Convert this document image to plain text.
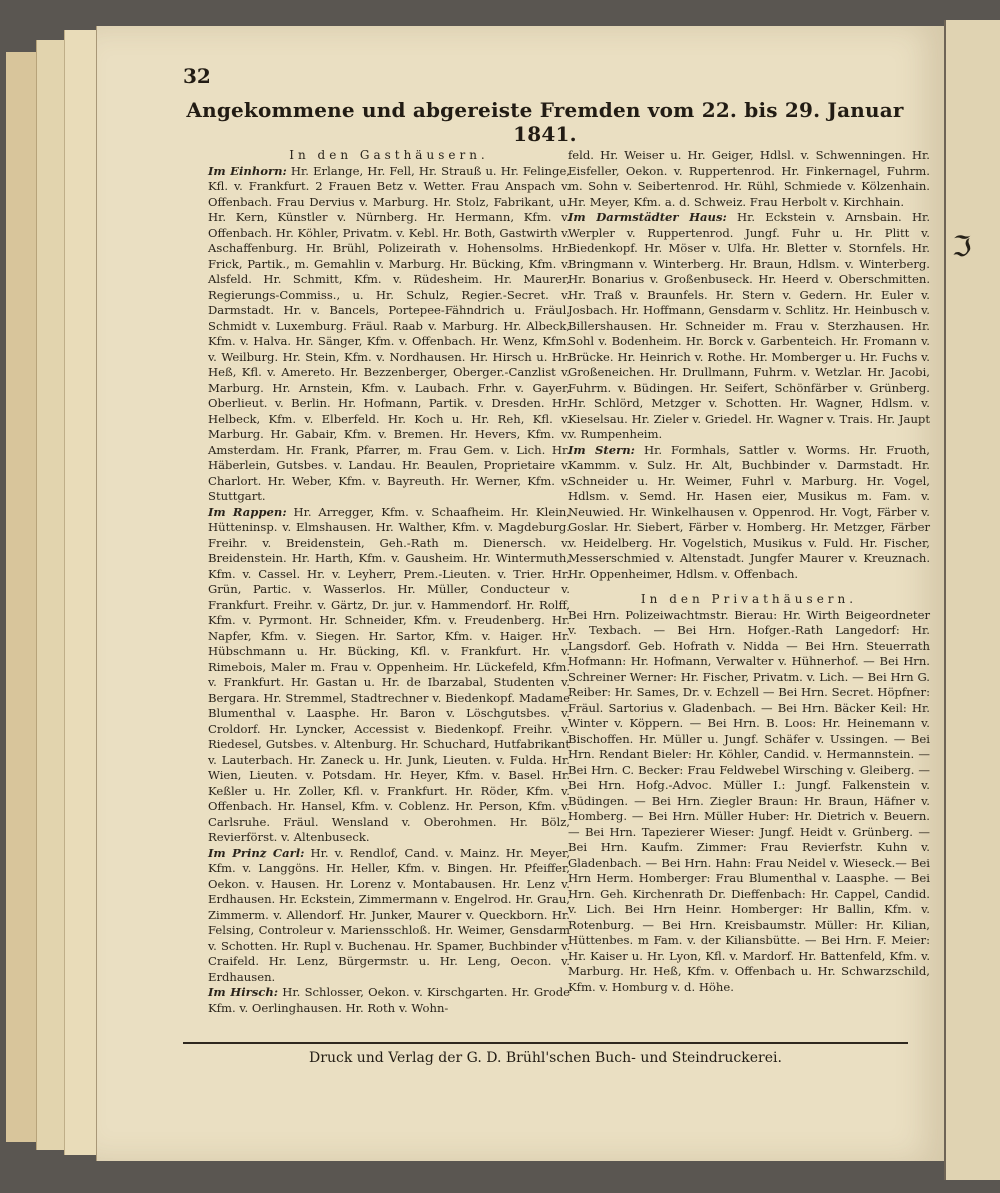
ℑ
32
Angekommene und abgereiste Fremden vom 22. bis 29. Januar 1841.

In den Gasthäusern.

Im Einhorn: Hr. Erlange, Hr. Fell, Hr. Strauß u. Hr. Felinge, Kfl. v. Frankfurt. 2 Frauen Betz v. Wetter. Frau Anspach v. Offenbach. Frau Dervius v. Marburg. Hr. Stolz, Fabrikant, u. Hr. Kern, Künstler v. Nürnberg. Hr. Hermann, Kfm. v. Offenbach. Hr. Köhler, Privatm. v. Kebl. Hr. Both, Gastwirth v. Aschaffenburg. Hr. Brühl, Polizeirath v. Hohensolms. Hr. Frick, Partik., m. Gemahlin v. Marburg. Hr. Bücking, Kfm. v. Alsfeld. Hr. Schmitt, Kfm. v. Rüdesheim. Hr. Maurer, Regierungs-Commiss., u. Hr. Schulz, Regier.-Secret. v. Darmstadt. Hr. v. Bancels, Portepee-Fähndrich u. Fräul. Schmidt v. Luxemburg. Fräul. Raab v. Marburg. Hr. Albeck, Kfm. v. Halva. Hr. Sänger, Kfm. v. Offenbach. Hr. Wenz, Kfm. v. Weilburg. Hr. Stein, Kfm. v. Nordhausen. Hr. Hirsch u. Hr. Heß, Kfl. v. Amereto. Hr. Bezzenberger, Oberger.-Canzlist v. Marburg. Hr. Arnstein, Kfm. v. Laubach. Frhr. v. Gayer, Oberlieut. v. Berlin. Hr. Hofmann, Partik. v. Dresden. Hr. Helbeck, Kfm. v. Elberfeld. Hr. Koch u. Hr. Reh, Kfl. v. Marburg. Hr. Gabair, Kfm. v. Bremen. Hr. Hevers, Kfm. v. Amsterdam. Hr. Frank, Pfarrer, m. Frau Gem. v. Lich. Hr. Häberlein, Gutsbes. v. Landau. Hr. Beaulen, Proprietaire v. Charlort. Hr. Weber, Kfm. v. Bayreuth. Hr. Werner, Kfm. v. Stuttgart.

Im Rappen: Hr. Arregger, Kfm. v. Schaafheim. Hr. Klein, Hütteninsp. v. Elmshausen. Hr. Walther, Kfm. v. Magdeburg. Freihr. v. Breidenstein, Geh.-Rath m. Dienersch. v. Breidenstein. Hr. Harth, Kfm. v. Gausheim. Hr. Wintermuth, Kfm. v. Cassel. Hr. v. Leyherr, Prem.-Lieuten. v. Trier. Hr. Grün, Partic. v. Wasserlos. Hr. Müller, Conducteur v. Frankfurt. Freihr. v. Gärtz, Dr. jur. v. Hammendorf. Hr. Rolff, Kfm. v. Pyrmont. Hr. Schneider, Kfm. v. Freudenberg. Hr. Napfer, Kfm. v. Siegen. Hr. Sartor, Kfm. v. Haiger. Hr. Hübschmann u. Hr. Bücking, Kfl. v. Frankfurt. Hr. v. Rimebois, Maler m. Frau v. Oppenheim. Hr. Lückefeld, Kfm. v. Frankfurt. Hr. Gastan u. Hr. de Ibarzabal, Studenten v. Bergara. Hr. Stremmel, Stadtrechner v. Biedenkopf. Madame Blumenthal v. Laasphe. Hr. Baron v. Löschgutsbes. v. Croldorf. Hr. Lyncker, Accessist v. Biedenkopf. Freihr. v. Riedesel, Gutsbes. v. Altenburg. Hr. Schuchard, Hutfabrikant v. Lauterbach. Hr. Zaneck u. Hr. Junk, Lieuten. v. Fulda. Hr. Wien, Lieuten. v. Potsdam. Hr. Heyer, Kfm. v. Basel. Hr. Keßler u. Hr. Zoller, Kfl. v. Frankfurt. Hr. Röder, Kfm. v. Offenbach. Hr. Hansel, Kfm. v. Coblenz. Hr. Person, Kfm. v. Carlsruhe. Fräul. Wensland v. Oberohmen. Hr. Bölz, Revierförst. v. Altenbuseck.

Im Prinz Carl: Hr. v. Rendlof, Cand. v. Mainz. Hr. Meyer, Kfm. v. Langgöns. Hr. Heller, Kfm. v. Bingen. Hr. Pfeiffer, Oekon. v. Hausen. Hr. Lorenz v. Montabausen. Hr. Lenz v. Erdhausen. Hr. Eckstein, Zimmermann v. Engelrod. Hr. Grau, Zimmerm. v. Allendorf. Hr. Junker, Maurer v. Queckborn. Hr. Felsing, Controleur v. Mariensschloß. Hr. Weimer, Gensdarm v. Schotten. Hr. Rupl v. Buchenau. Hr. Spamer, Buchbinder v. Craifeld. Hr. Lenz, Bürgermstr. u. Hr. Leng, Oecon. v. Erdhausen.

Im Hirsch: Hr. Schlosser, Oekon. v. Kirschgarten. Hr. Grode Kfm. v. Oerlinghausen. Hr. Roth v. Wohn-

feld. Hr. Weiser u. Hr. Geiger, Hdlsl. v. Schwenningen. Hr. Eisfeller, Oekon. v. Ruppertenrod. Hr. Finkernagel, Fuhrm. m. Sohn v. Seibertenrod. Hr. Rühl, Schmiede v. Kölzenhain. Hr. Meyer, Kfm. a. d. Schweiz. Frau Herbolt v. Kirchhain.

Im Darmstädter Haus: Hr. Eckstein v. Arnsbain. Hr. Werpler v. Ruppertenrod. Jungf. Fuhr u. Hr. Plitt v. Biedenkopf. Hr. Möser v. Ulfa. Hr. Bletter v. Stornfels. Hr. Bringmann v. Winterberg. Hr. Braun, Hdlsm. v. Winterberg. Hr. Bonarius v. Großenbuseck. Hr. Heerd v. Oberschmitten. Hr. Traß v. Braunfels. Hr. Stern v. Gedern. Hr. Euler v. Josbach. Hr. Hoffmann, Gensdarm v. Schlitz. Hr. Heinbusch v. Billershausen. Hr. Schneider m. Frau v. Sterzhausen. Hr. Sohl v. Bodenheim. Hr. Borck v. Garbenteich. Hr. Fromann v. Brücke. Hr. Heinrich v. Rothe. Hr. Momberger u. Hr. Fuchs v. Großeneichen. Hr. Drullmann, Fuhrm. v. Wetzlar. Hr. Jacobi, Fuhrm. v. Büdingen. Hr. Seifert, Schönfärber v. Grünberg. Hr. Schlörd, Metzger v. Schotten. Hr. Wagner, Hdlsm. v. Kieselsau. Hr. Zieler v. Griedel. Hr. Wagner v. Trais. Hr. Jaupt v. Rumpenheim.

Im Stern: Hr. Formhals, Sattler v. Worms. Hr. Fruoth, Kammm. v. Sulz. Hr. Alt, Buchbinder v. Darmstadt. Hr. Schneider u. Hr. Weimer, Fuhrl v. Marburg. Hr. Vogel, Hdlsm. v. Semd. Hr. Hasen eier, Musikus m. Fam. v. Neuwied. Hr. Winkelhausen v. Oppenrod. Hr. Vogt, Färber v. Goslar. Hr. Siebert, Färber v. Homberg. Hr. Metzger, Färber v. Heidelberg. Hr. Vogelstich, Musikus v. Fuld. Hr. Fischer, Messerschmied v. Altenstadt. Jungfer Maurer v. Kreuznach. Hr. Oppenheimer, Hdlsm. v. Offenbach.

In den Privathäusern.

Bei Hrn. Polizeiwachtmstr. Bierau: Hr. Wirth Beigeordneter v. Texbach. — Bei Hrn. Hofger.-Rath Langedorf: Hr. Langsdorf. Geb. Hofrath v. Nidda — Bei Hrn. Steuerrath Hofmann: Hr. Hofmann, Verwalter v. Hühnerhof. — Bei Hrn. Schreiner Werner: Hr. Fischer, Privatm. v. Lich. — Bei Hrn G. Reiber: Hr. Sames, Dr. v. Echzell — Bei Hrn. Secret. Höpfner: Fräul. Sartorius v. Gladenbach. — Bei Hrn. Bäcker Keil: Hr. Winter v. Köppern. — Bei Hrn. B. Loos: Hr. Heinemann v. Bischoffen. Hr. Müller u. Jungf. Schäfer v. Ussingen. — Bei Hrn. Rendant Bieler: Hr. Köhler, Candid. v. Hermannstein. — Bei Hrn. C. Becker: Frau Feldwebel Wirsching v. Gleiberg. — Bei Hrn. Hofg.-Advoc. Müller I.: Jungf. Falkenstein v. Büdingen. — Bei Hrn. Ziegler Braun: Hr. Braun, Häfner v. Homberg. — Bei Hrn. Müller Huber: Hr. Dietrich v. Beuern. — Bei Hrn. Tapezierer Wieser: Jungf. Heidt v. Grünberg. — Bei Hrn. Kaufm. Zimmer: Frau Revierfstr. Kuhn v. Gladenbach. — Bei Hrn. Hahn: Frau Neidel v. Wieseck.— Bei Hrn Herm. Homberger: Frau Blumenthal v. Laasphe. — Bei Hrn. Geh. Kirchenrath Dr. Dieffenbach: Hr. Cappel, Candid. v. Lich. Bei Hrn Heinr. Homberger: Hr Ballin, Kfm. v. Rotenburg. — Bei Hrn. Kreisbaumstr. Müller: Hr. Kilian, Hüttenbes. m Fam. v. der Kiliansbütte. — Bei Hrn. F. Meier: Hr. Kaiser u. Hr. Lyon, Kfl. v. Mardorf. Hr. Battenfeld, Kfm. v. Marburg. Hr. Heß, Kfm. v. Offenbach u. Hr. Schwarzschild, Kfm. v. Homburg v. d. Höhe.

Druck und Verlag der G. D. Brühl'schen Buch- und Steindruckerei.
